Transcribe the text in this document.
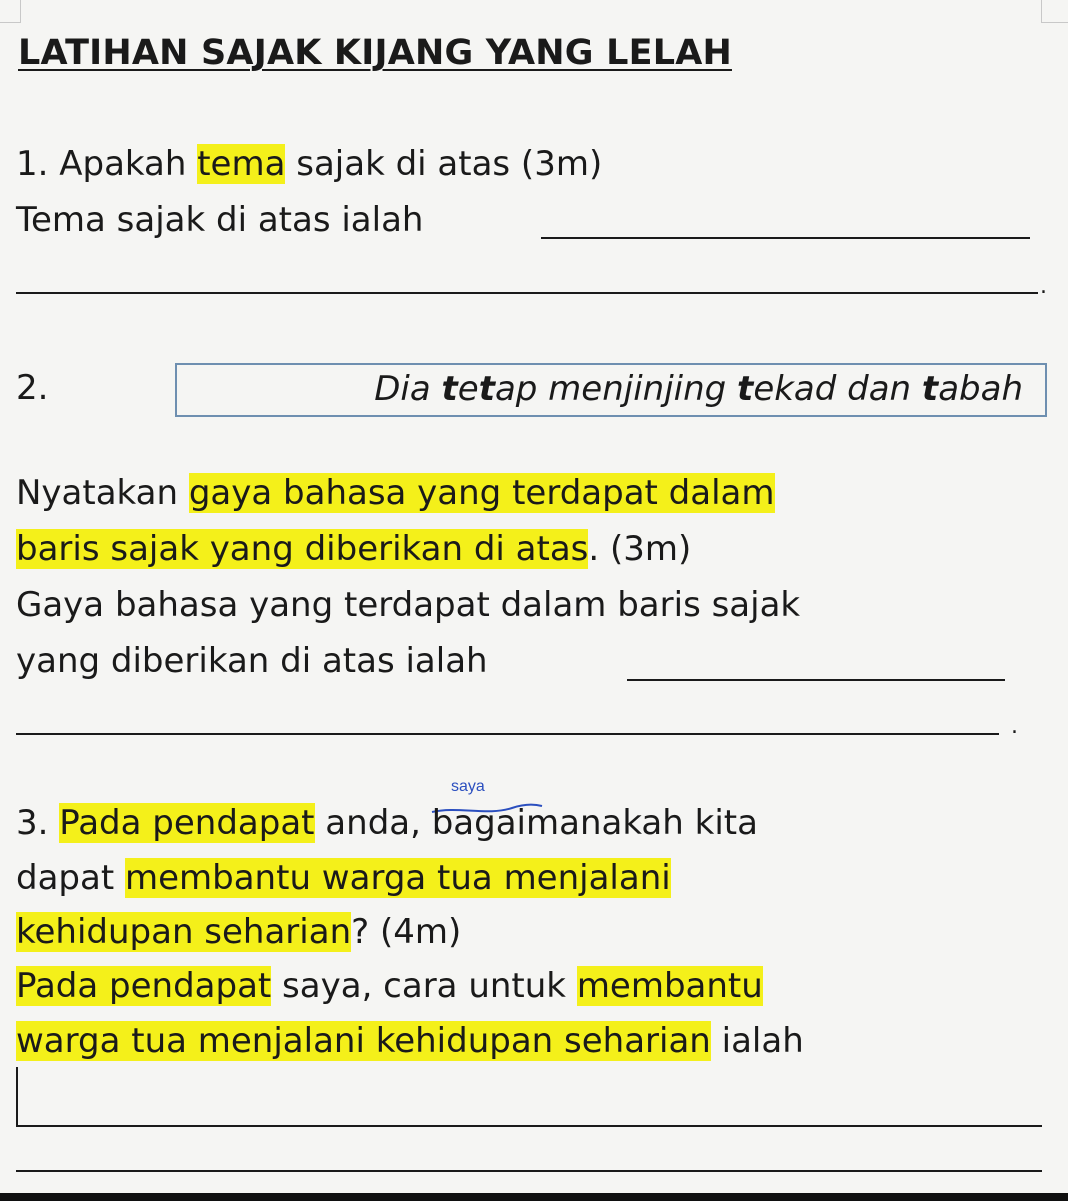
LATIHAN SAJAK KIJANG YANG LELAH
1. Apakah tema sajak di atas (3m)
Tema sajak di atas ialah
.
2.	Dia tetap menjinjing tekad dan tabah
Nyatakan gaya bahasa yang terdapat dalam
baris sajak yang diberikan di atas. (3m)
Gaya bahasa yang terdapat dalam baris sajak
yang diberikan di atas ialah
.
saya
3. Pada pendapat anda, bagaimanakah kita
dapat membantu warga tua menjalani
kehidupan seharian? (4m)
Pada pendapat saya, cara untuk membantu
warga tua menjalani kehidupan seharian ialah
